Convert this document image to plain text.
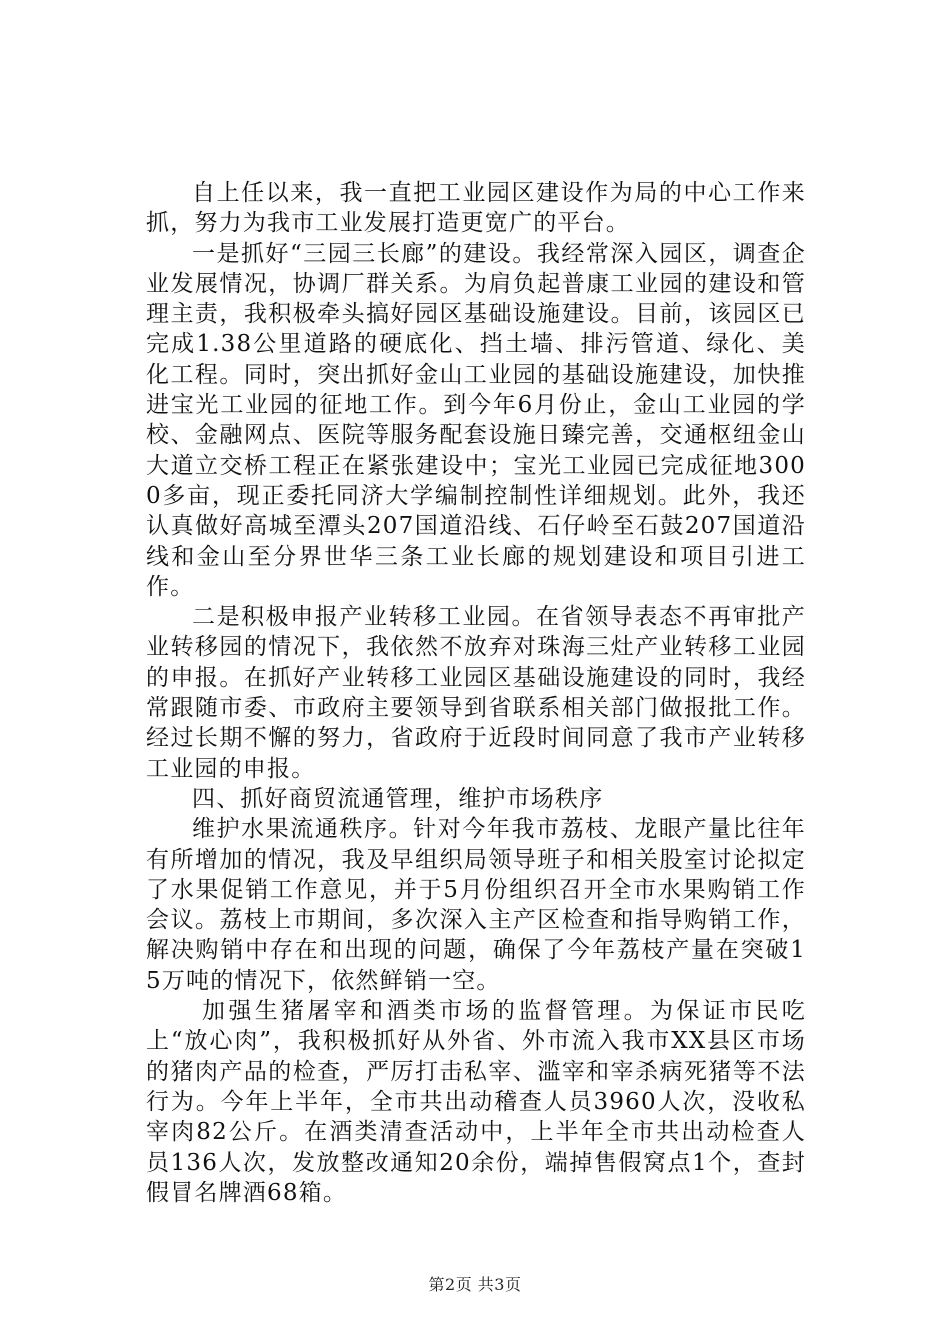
自上任以来，我一直把工业园区建设作为局的中心工作来抓，努力为我市工业发展打造更宽广的平台。

一是抓好“三园三长廊”的建设。我经常深入园区，调查企业发展情况，协调厂群关系。为肩负起普康工业园的建设和管理主责，我积极牵头搞好园区基础设施建设。目前，该园区已完成1.38公里道路的硬底化、挡土墙、排污管道、绿化、美化工程。同时，突出抓好金山工业园的基础设施建设，加快推进宝光工业园的征地工作。到今年6月份止，金山工业园的学校、金融网点、医院等服务配套设施日臻完善，交通枢纽金山大道立交桥工程正在紧张建设中；宝光工业园已完成征地3000多亩，现正委托同济大学编制控制性详细规划。此外，我还认真做好高城至潭头207国道沿线、石仔岭至石鼓207国道沿线和金山至分界世华三条工业长廊的规划建设和项目引进工作。

二是积极申报产业转移工业园。在省领导表态不再审批产业转移园的情况下，我依然不放弃对珠海三灶产业转移工业园的申报。在抓好产业转移工业园区基础设施建设的同时，我经常跟随市委、市政府主要领导到省联系相关部门做报批工作。经过长期不懈的努力，省政府于近段时间同意了我市产业转移工业园的申报。

四、抓好商贸流通管理，维护市场秩序

维护水果流通秩序。针对今年我市荔枝、龙眼产量比往年有所增加的情况，我及早组织局领导班子和相关股室讨论拟定了水果促销工作意见，并于5月份组织召开全市水果购销工作会议。荔枝上市期间，多次深入主产区检查和指导购销工作，解决购销中存在和出现的问题，确保了今年荔枝产量在突破15万吨的情况下，依然鲜销一空。

加强生猪屠宰和酒类市场的监督管理。为保证市民吃上“放心肉”，我积极抓好从外省、外市流入我市XX县区市场的猪肉产品的检查，严厉打击私宰、滥宰和宰杀病死猪等不法行为。今年上半年，全市共出动稽查人员3960人次，没收私宰肉82公斤。在酒类清查活动中，上半年全市共出动检查人员136人次，发放整改通知20余份，端掉售假窝点1个，查封假冒名牌酒68箱。

第2页 共3页
